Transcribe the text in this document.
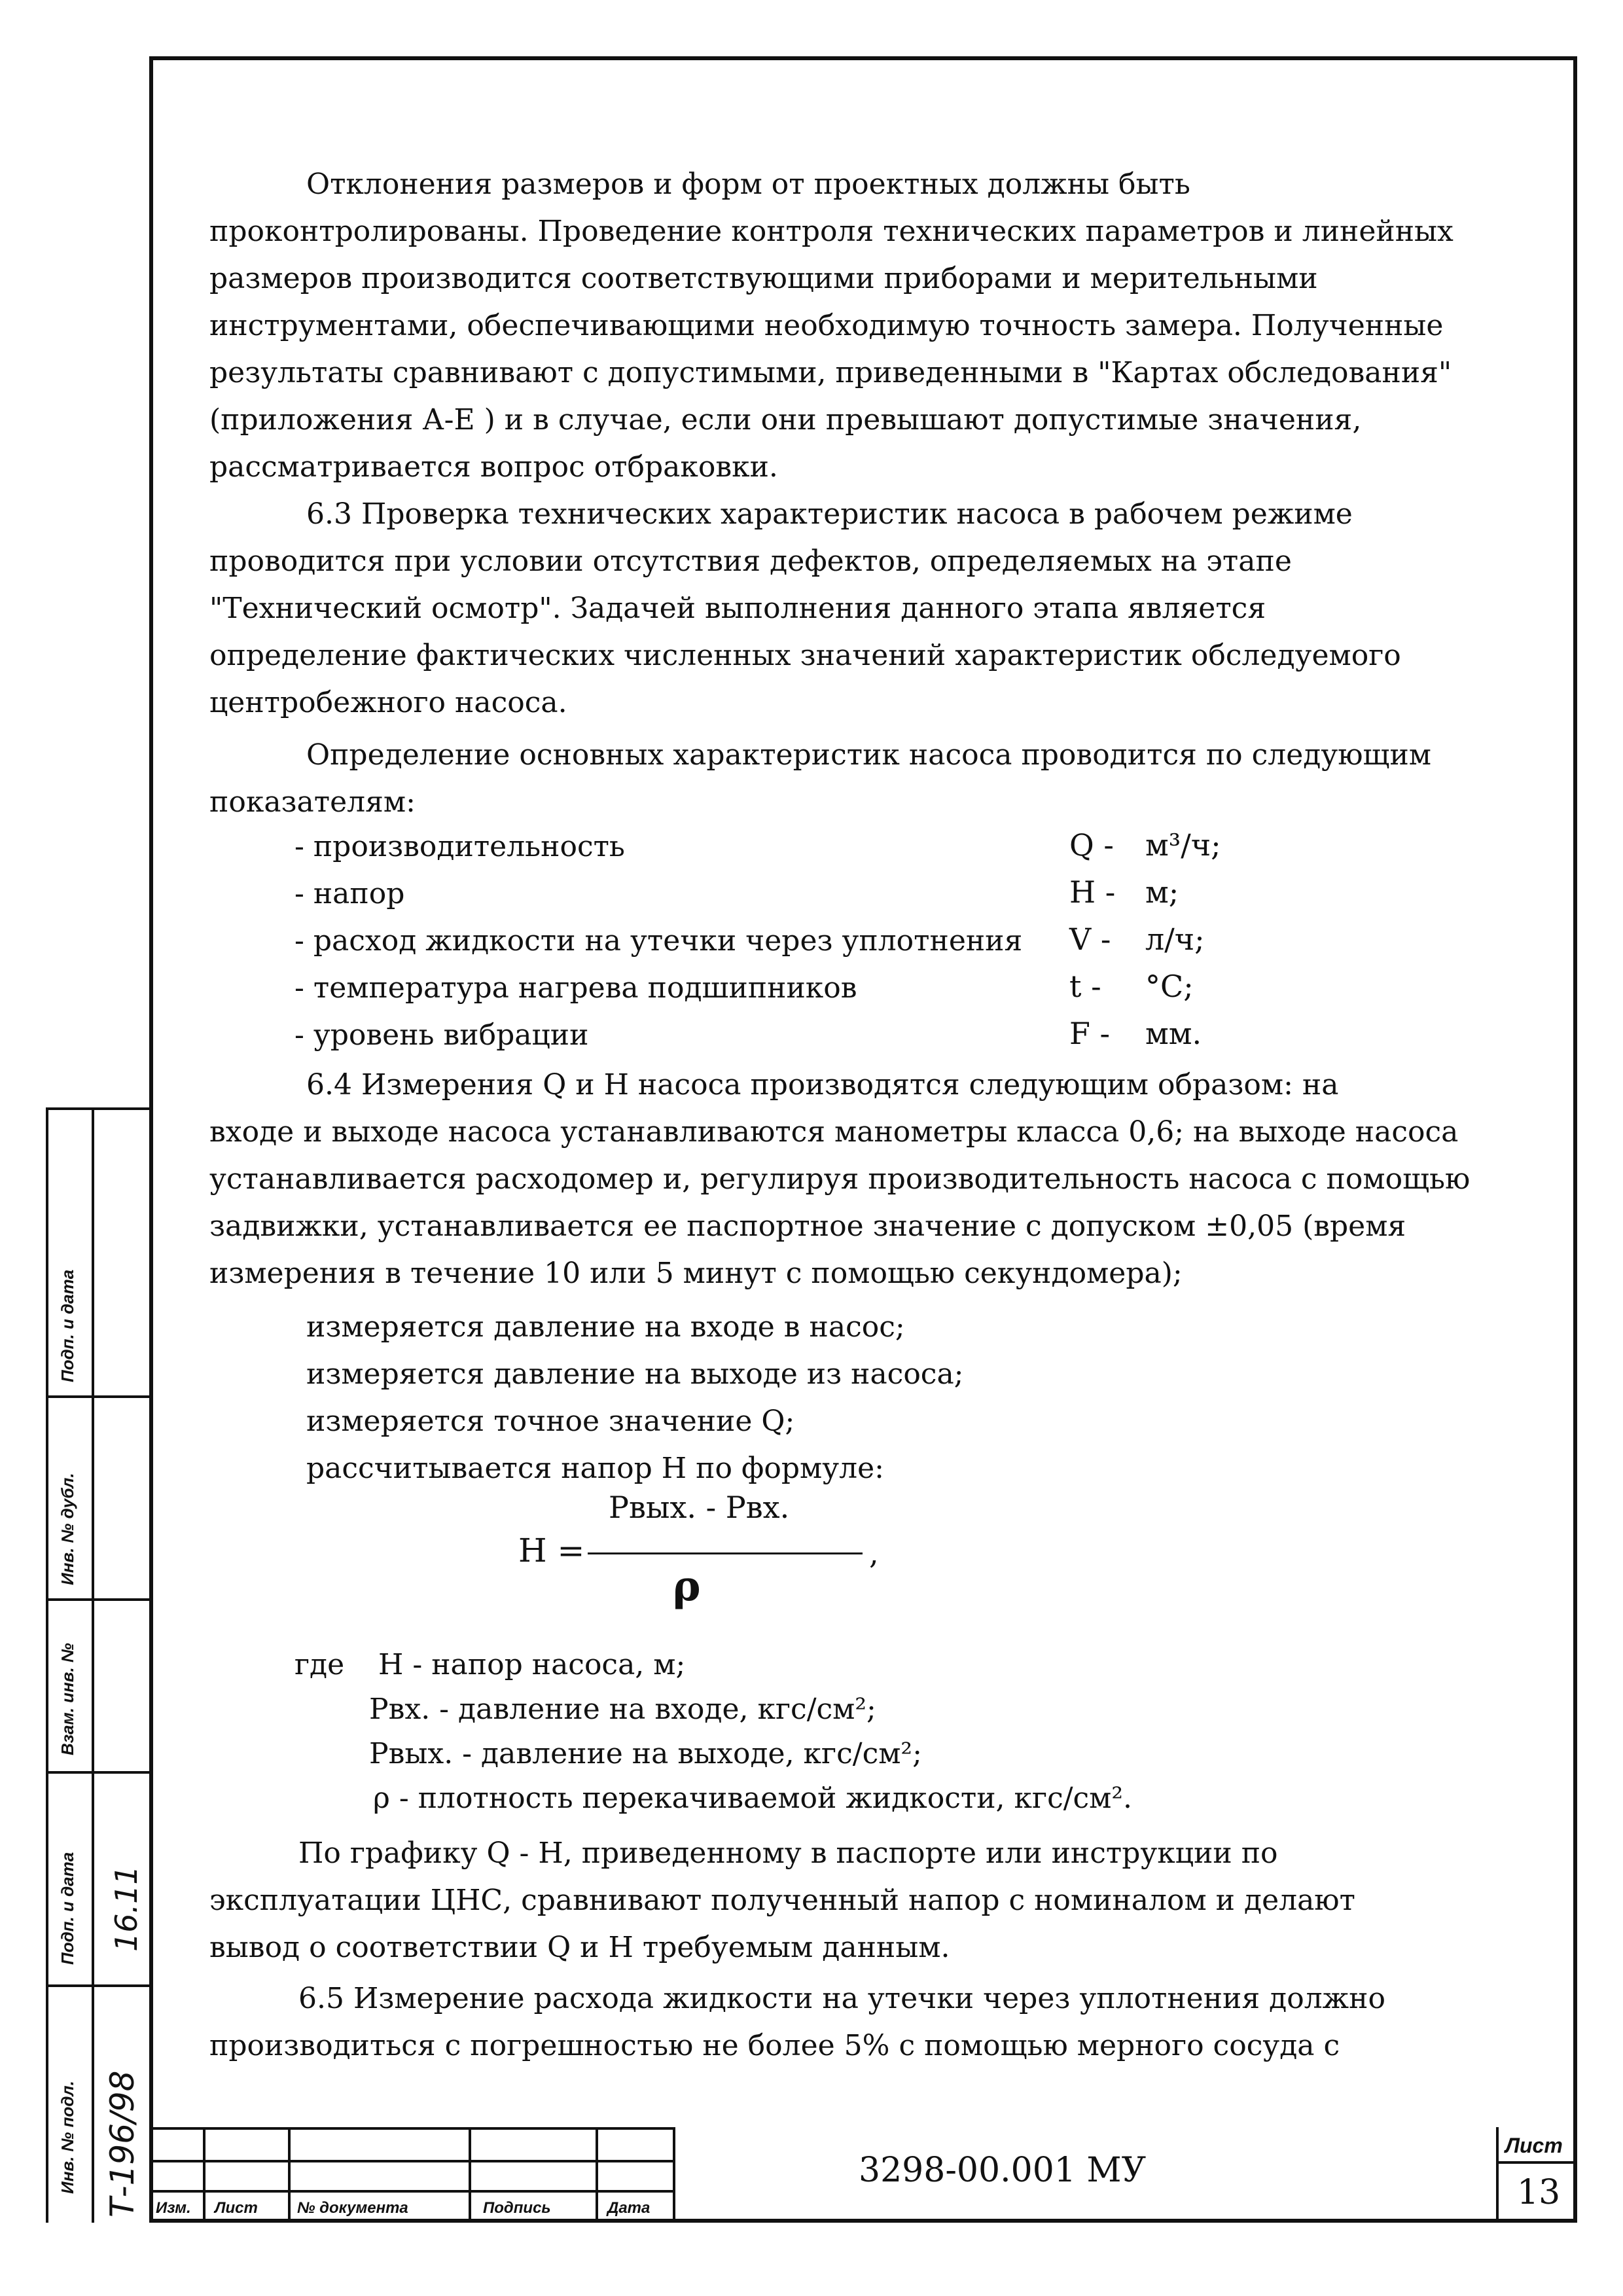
Отклонения размеров и форм от проектных должны быть
проконтролированы. Проведение контроля технических параметров и линейных
размеров производится соответствующими приборами и мерительными
инструментами, обеспечивающими необходимую точность замера. Полученные
результаты сравнивают с допустимыми, приведенными в "Картах обследования"
(приложения А-Е ) и в случае, если они превышают допустимые значения,
рассматривается вопрос отбраковки.
6.3 Проверка технических характеристик насоса в рабочем режиме
проводится при условии отсутствия дефектов, определяемых на этапе
"Технический осмотр". Задачей выполнения данного этапа является
определение фактических численных значений характеристик обследуемого
центробежного насоса.
Определение основных характеристик насоса проводится по следующим
показателям:
- производительность	Q - м³/ч;
- напор	H - м;
- расход жидкости на утечки через уплотнения V - л/ч;
- температура нагрева подшипников	t - °С;
- уровень вибрации	F - мм.
6.4 Измерения Q и H насоса производятся следующим образом: на
входе и выходе насоса устанавливаются манометры класса 0,6; на выходе насоса
устанавливается расходомер и, регулируя производительность насоса с помощью
задвижки, устанавливается ее паспортное значение с допуском ±0,05 (время
измерения в течение 10 или 5 минут с помощью секундомера);
измеряется давление на входе в насос;
измеряется давление на выходе из насоса;
измеряется точное значение Q;
рассчитывается напор H по формуле:
H =
Рвых. - Рвх.
,
ρ
где H - напор насоса, м;
Рвх. - давление на входе, кгс/см²;
Рвых. - давление на выходе, кгс/см²;
ρ - плотность перекачиваемой жидкости, кгс/см².
По графику Q - H, приведенному в паспорте или инструкции по
эксплуатации ЦНС, сравнивают полученный напор с номиналом и делают
вывод о соответствии Q и H требуемым данным.
6.5 Измерение расхода жидкости на утечки через уплотнения должно
производиться с погрешностью не более 5% с помощью мерного сосуда с
Инв. № подл.
Подп. и дата
Взам. инв. №
Инв. № дубл.
Подп. и дата
Т-196/98
16.11
Изм. Лист	№ документа	Подпись	Дата
3298-00.001 МУ
Лист
13
